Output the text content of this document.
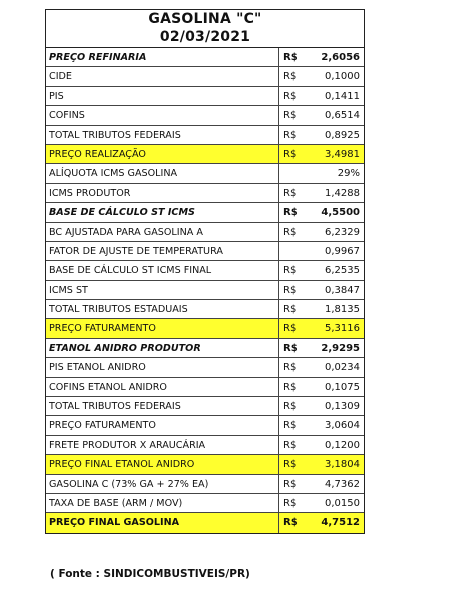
GASOLINA "C"
02/03/2021
PREÇO REFINARIA	R$	2,6056
CIDE	R$	0,1000
PIS	R$	0,1411
COFINS	R$	0,6514
TOTAL TRIBUTOS FEDERAIS	R$	0,8925
PREÇO REALIZAÇÃO	R$	3,4981
ALÍQUOTA ICMS GASOLINA	29%
ICMS PRODUTOR	R$	1,4288
BASE DE CÁLCULO ST ICMS	R$	4,5500
BC AJUSTADA PARA GASOLINA A	R$	6,2329
FATOR DE AJUSTE DE TEMPERATURA	0,9967
BASE DE CÁLCULO ST ICMS FINAL	R$	6,2535
ICMS ST	R$	0,3847
TOTAL TRIBUTOS ESTADUAIS	R$	1,8135
PREÇO FATURAMENTO	R$	5,3116
ETANOL ANIDRO PRODUTOR	R$	2,9295
PIS ETANOL ANIDRO	R$	0,0234
COFINS ETANOL ANIDRO	R$	0,1075
TOTAL TRIBUTOS FEDERAIS	R$	0,1309
PREÇO FATURAMENTO	R$	3,0604
FRETE PRODUTOR X ARAUCÁRIA	R$	0,1200
PREÇO FINAL ETANOL ANIDRO	R$	3,1804
GASOLINA C (73% GA + 27% EA)	R$	4,7362
TAXA DE BASE (ARM / MOV)	R$	0,0150
PREÇO FINAL GASOLINA	R$	4,7512
( Fonte : SINDICOMBUSTIVEIS/PR)
